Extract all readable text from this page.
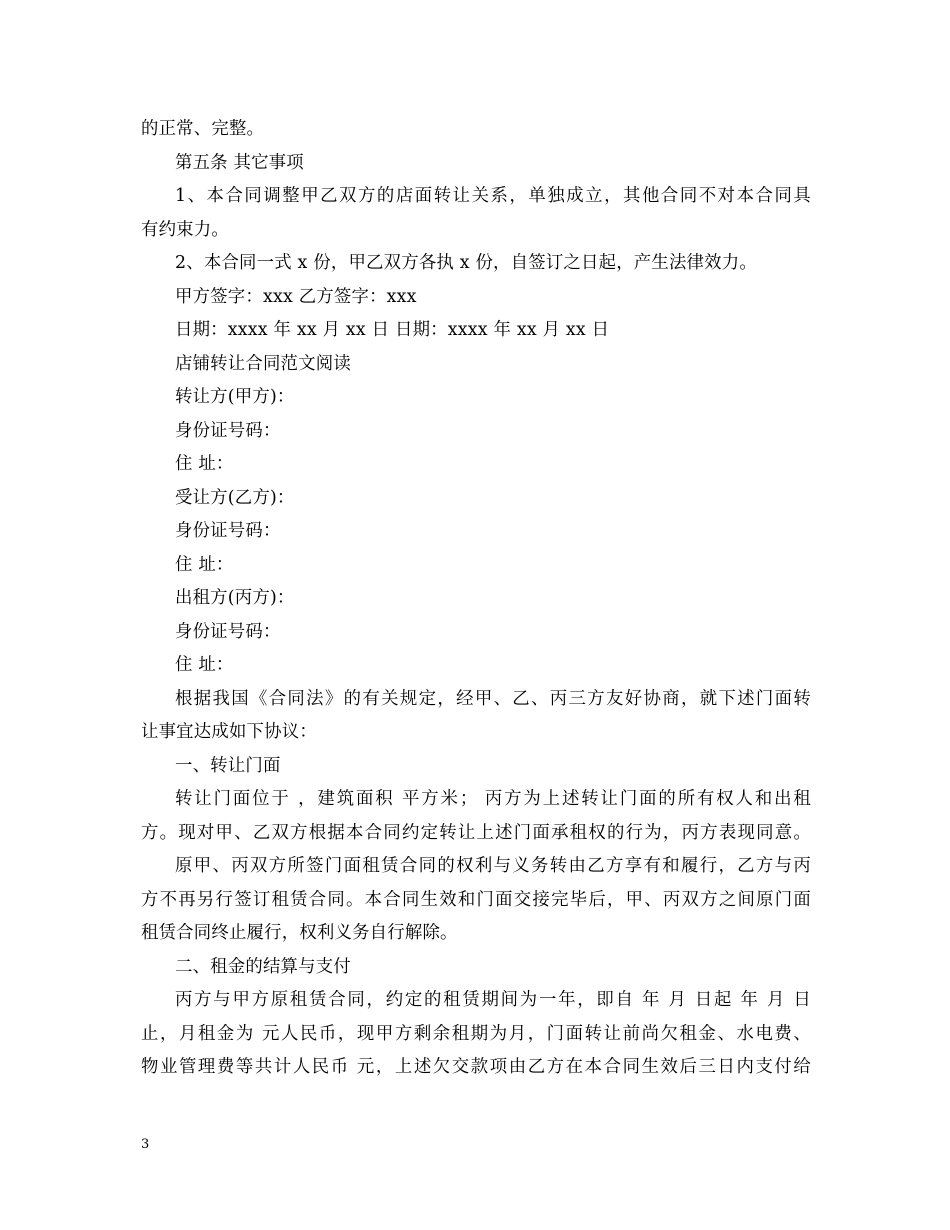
的正常、完整。
第五条 其它事项
1、本合同调整甲乙双方的店面转让关系，单独成立，其他合同不对本合同具
有约束力。
2、本合同一式 x 份，甲乙双方各执 x 份，自签订之日起，产生法律效力。
甲方签字：xxx 乙方签字：xxx
日期：xxxx 年 xx 月 xx 日 日期：xxxx 年 xx 月 xx 日
店铺转让合同范文阅读
转让方(甲方)：
身份证号码：
住 址：
受让方(乙方)：
身份证号码：
住 址：
出租方(丙方)：
身份证号码：
住 址：
根据我国《合同法》的有关规定，经甲、乙、丙三方友好协商，就下述门面转
让事宜达成如下协议：
一、转让门面
转让门面位于 ，建筑面积 平方米； 丙方为上述转让门面的所有权人和出租
方。现对甲、乙双方根据本合同约定转让上述门面承租权的行为，丙方表现同意。
原甲、丙双方所签门面租赁合同的权利与义务转由乙方享有和履行，乙方与丙
方不再另行签订租赁合同。本合同生效和门面交接完毕后，甲、丙双方之间原门面
租赁合同终止履行，权利义务自行解除。
二、租金的结算与支付
丙方与甲方原租赁合同，约定的租赁期间为一年，即自 年 月 日起 年 月 日
止，月租金为 元人民币，现甲方剩余租期为月，门面转让前尚欠租金、水电费、
物业管理费等共计人民币 元，上述欠交款项由乙方在本合同生效后三日内支付给
3
